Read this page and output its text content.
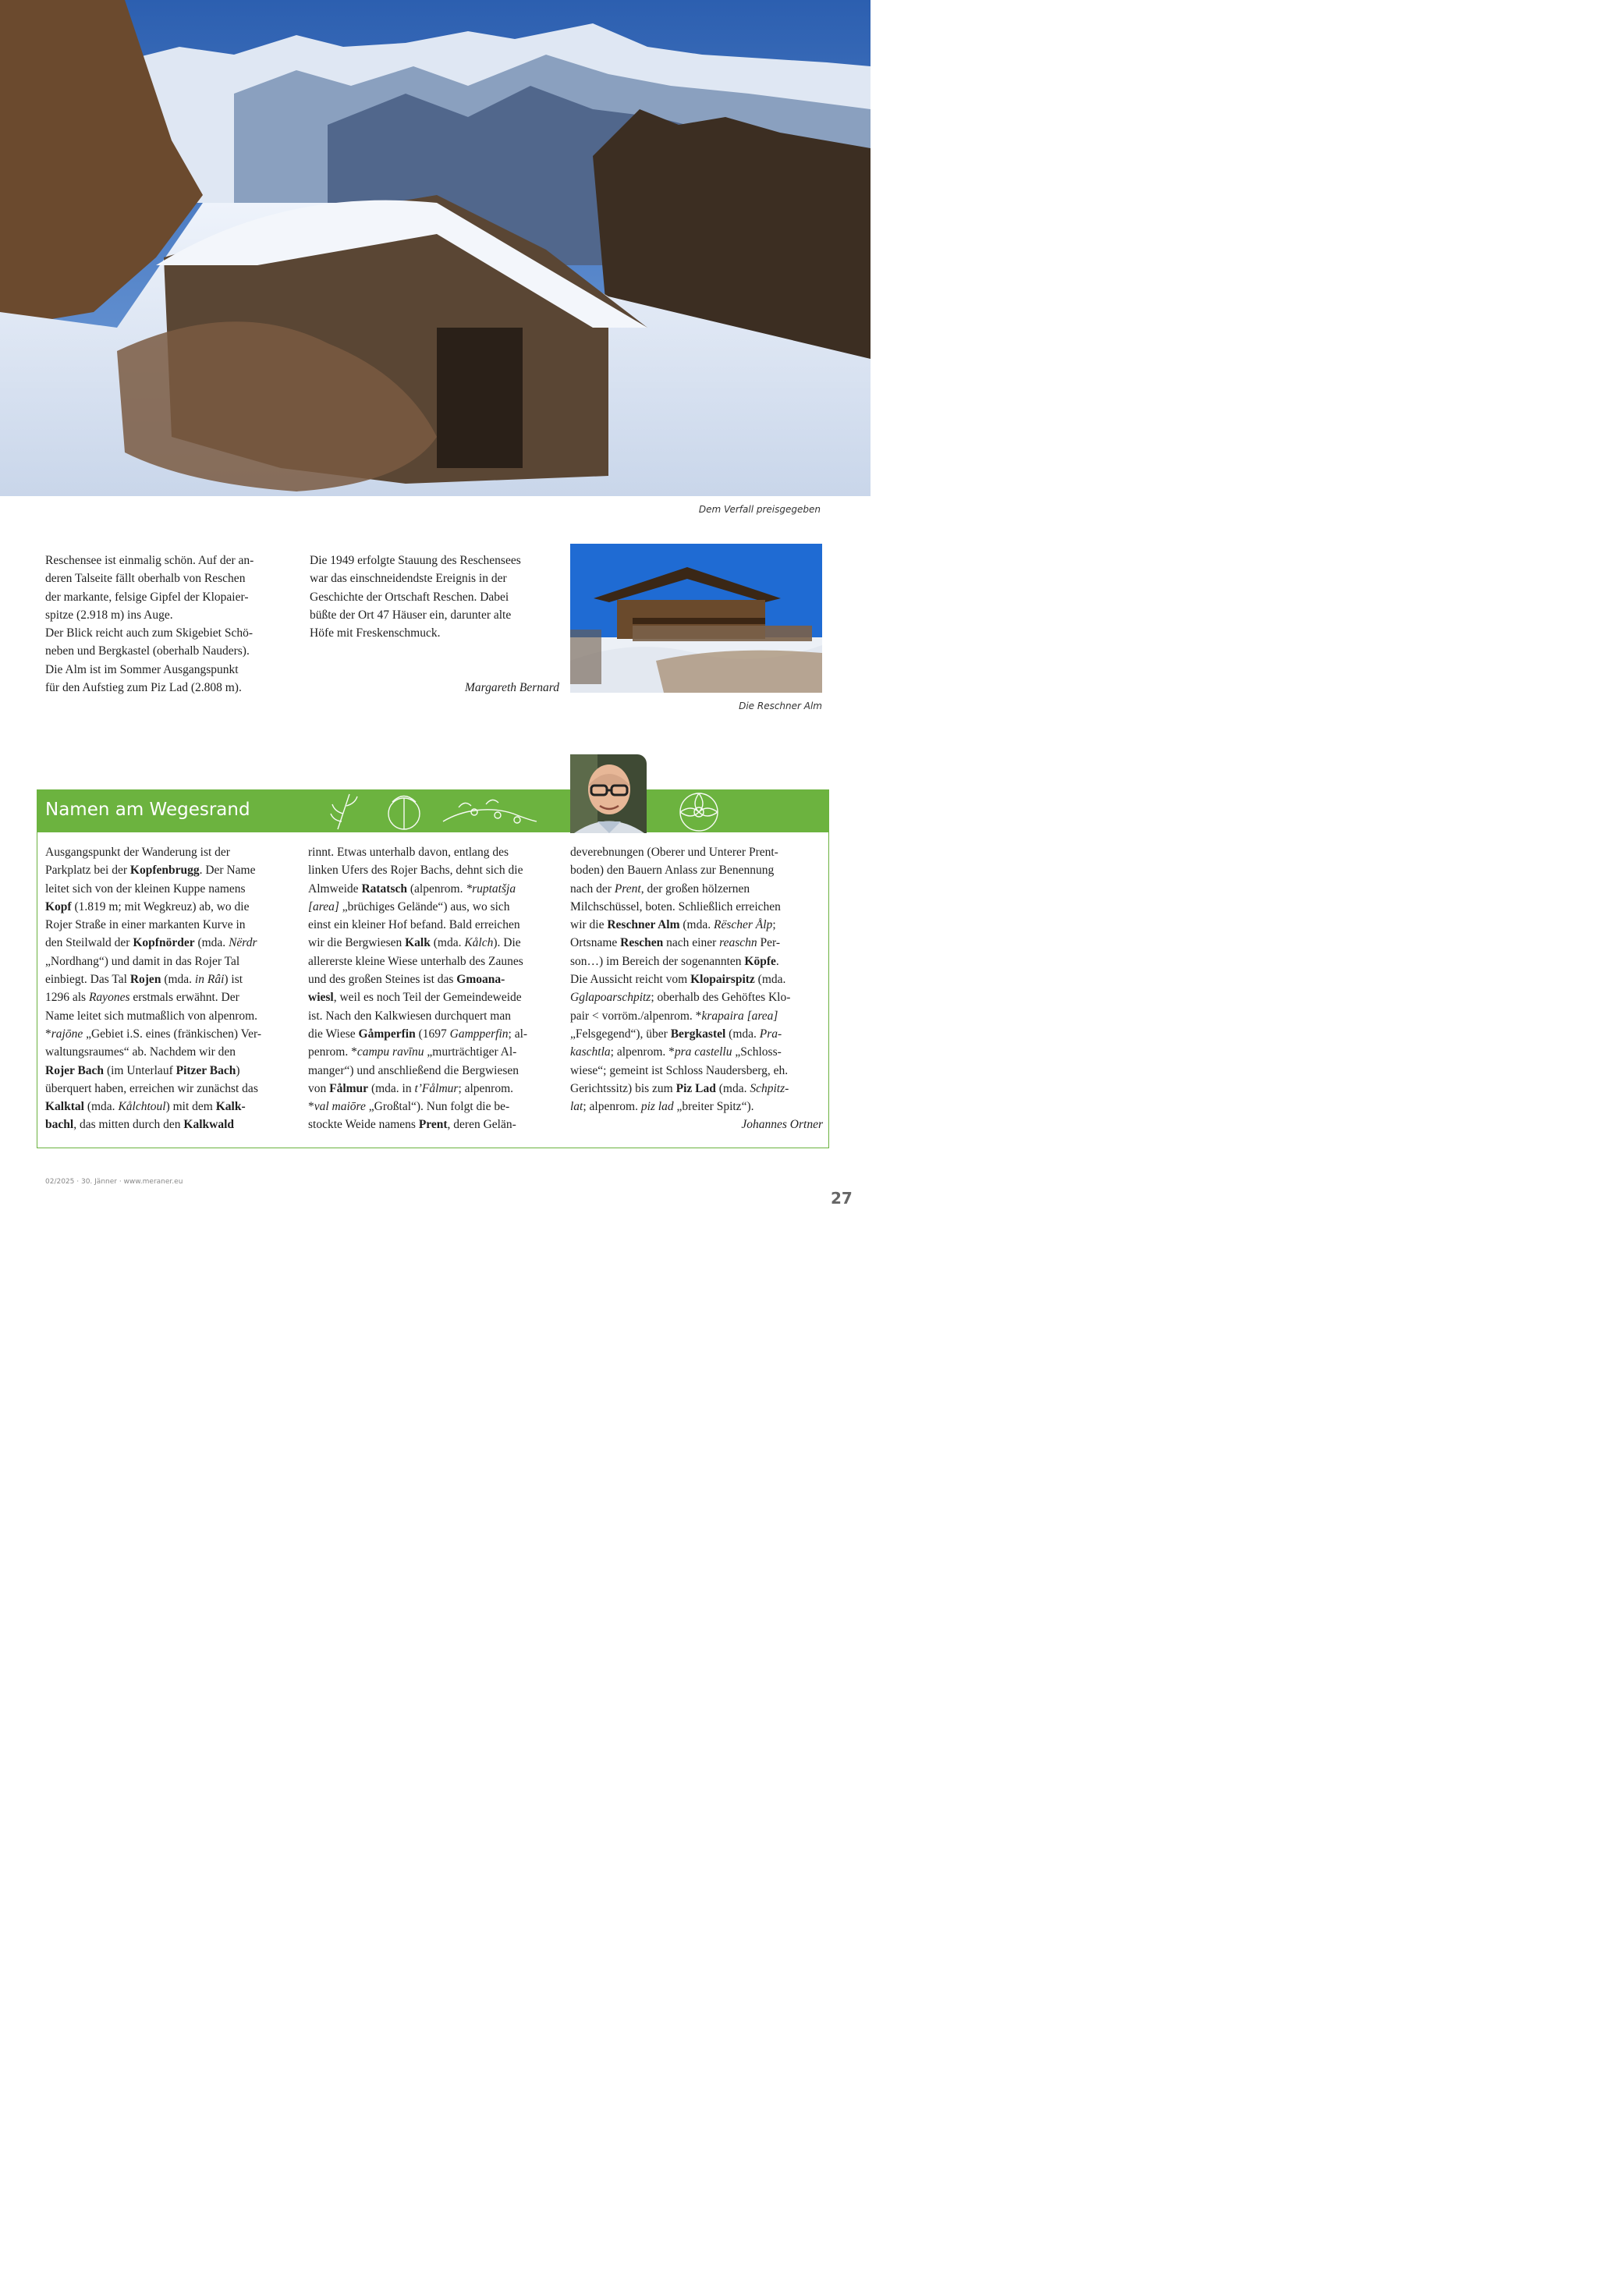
Dem Verfall preisgegeben

Reschensee ist einmalig schön. Auf der an-
deren Talseite fällt oberhalb von Reschen
der markante, felsige Gipfel der Klopaier-
spitze (2.918 m) ins Auge.
Der Blick reicht auch zum Skigebiet Schö-
neben und Bergkastel (oberhalb Nauders).
Die Alm ist im Sommer Ausgangspunkt
für den Aufstieg zum Piz Lad (2.808 m).

Die 1949 erfolgte Stauung des Reschensees
war das einschneidendste Ereignis in der
Geschichte der Ortschaft Reschen. Dabei
büßte der Ort 47 Häuser ein, darunter alte
Höfe mit Freskenschmuck.

Margareth Bernard

Die Reschner Alm
Namen am Wegesrand

Ausgangspunkt der Wanderung ist der
Parkplatz bei der Kopfenbrugg. Der Name
leitet sich von der kleinen Kuppe namens
Kopf (1.819 m; mit Wegkreuz) ab, wo die
Rojer Straße in einer markanten Kurve in
den Steilwald der Kopfnörder (mda. Nërdr
„Nordhang“) und damit in das Rojer Tal
einbiegt. Das Tal Rojen (mda. in Râi) ist
1296 als Rayones erstmals erwähnt. Der
Name leitet sich mutmaßlich von alpenrom.
*rajōne „Gebiet i.S. eines (fränkischen) Ver-
waltungsraumes“ ab. Nachdem wir den
Rojer Bach (im Unterlauf Pitzer Bach)
überquert haben, erreichen wir zunächst das
Kalktal (mda. Kålchtoul) mit dem Kalk-
bachl, das mitten durch den Kalkwald

rinnt. Etwas unterhalb davon, entlang des
linken Ufers des Rojer Bachs, dehnt sich die
Almweide Ratatsch (alpenrom. *ruptatšja
[area] „brüchiges Gelände“) aus, wo sich
einst ein kleiner Hof befand. Bald erreichen
wir die Bergwiesen Kalk (mda. Kålch). Die
allererste kleine Wiese unterhalb des Zaunes
und des großen Steines ist das Gmoana-
wiesl, weil es noch Teil der Gemeindeweide
ist. Nach den Kalkwiesen durchquert man
die Wiese Gåmperfin (1697 Gampperfin; al-
penrom. *campu ravīnu „murträchtiger Al-
manger“) und anschließend die Bergwiesen
von Fålmur (mda. in t’Fålmur; alpenrom.
*val maiōre „Großtal“). Nun folgt die be-
stockte Weide namens Prent, deren Gelän-

deverebnungen (Oberer und Unterer Prent-
boden) den Bauern Anlass zur Benennung
nach der Prent, der großen hölzernen
Milchschüssel, boten. Schließlich erreichen
wir die Reschner Alm (mda. Rëscher Ålp;
Ortsname Reschen nach einer reaschn Per-
son…) im Bereich der sogenannten Köpfe.
Die Aussicht reicht vom Klopairspitz (mda.
Gglapoarschpitz; oberhalb des Gehöftes Klo-
pair < vorröm./alpenrom. *krapaira [area]
„Felsgegend“), über Bergkastel (mda. Pra-
kaschtla; alpenrom. *pra castellu „Schloss-
wiese“; gemeint ist Schloss Naudersberg, eh.
Gerichtssitz) bis zum Piz Lad (mda. Schpitz-
lat; alpenrom. piz lad „breiter Spitz“).

Johannes Ortner

02/2025 · 30. Jänner · www.meraner.eu
27
